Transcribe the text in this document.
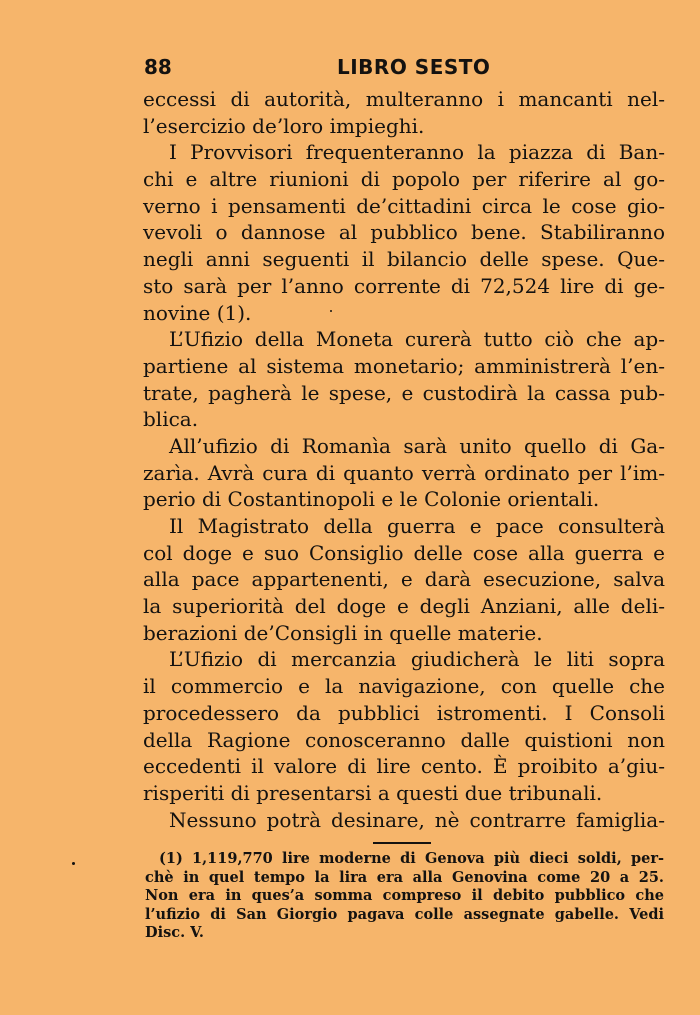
88	LIBRO SESTO
eccessi di autorità, multeranno i mancanti nel-
l’esercizio de’loro impieghi.
I Provvisori frequenteranno la piazza di Ban-
chi e altre riunioni di popolo per riferire al go-
verno i pensamenti de’cittadini circa le cose gio-
vevoli o dannose al pubblico bene. Stabiliranno
negli anni seguenti il bilancio delle spese. Que-
sto sarà per l’anno corrente di 72,524 lire di ge-
novine (1).
L’Ufizio della Moneta curerà tutto ciò che ap-
partiene al sistema monetario; amministrerà l’en-
trate, pagherà le spese, e custodirà la cassa pub-
blica.
All’ufizio di Romanìa sarà unito quello di Ga-
zarìa. Avrà cura di quanto verrà ordinato per l’im-
perio di Costantinopoli e le Colonie orientali.
Il Magistrato della guerra e pace consulterà
col doge e suo Consiglio delle cose alla guerra e
alla pace appartenenti, e darà esecuzione, salva
la superiorità del doge e degli Anziani, alle deli-
berazioni de’Consigli in quelle materie.
L’Ufizio di mercanzia giudicherà le liti sopra
il commercio e la navigazione, con quelle che
procedessero da pubblici istromenti. I Consoli
della Ragione conosceranno dalle quistioni non
eccedenti il valore di lire cento. È proibito a’giu-
risperiti di presentarsi a questi due tribunali.
Nessuno potrà desinare, nè contrarre famiglia-
(1) 1,119,770 lire moderne di Genova più dieci soldi, per-
chè in quel tempo la lira era alla Genovina come 20 a 25.
Non era in ques’a somma compreso il debito pubblico che
l’ufizio di San Giorgio pagava colle assegnate gabelle. Vedi
Disc. V.
